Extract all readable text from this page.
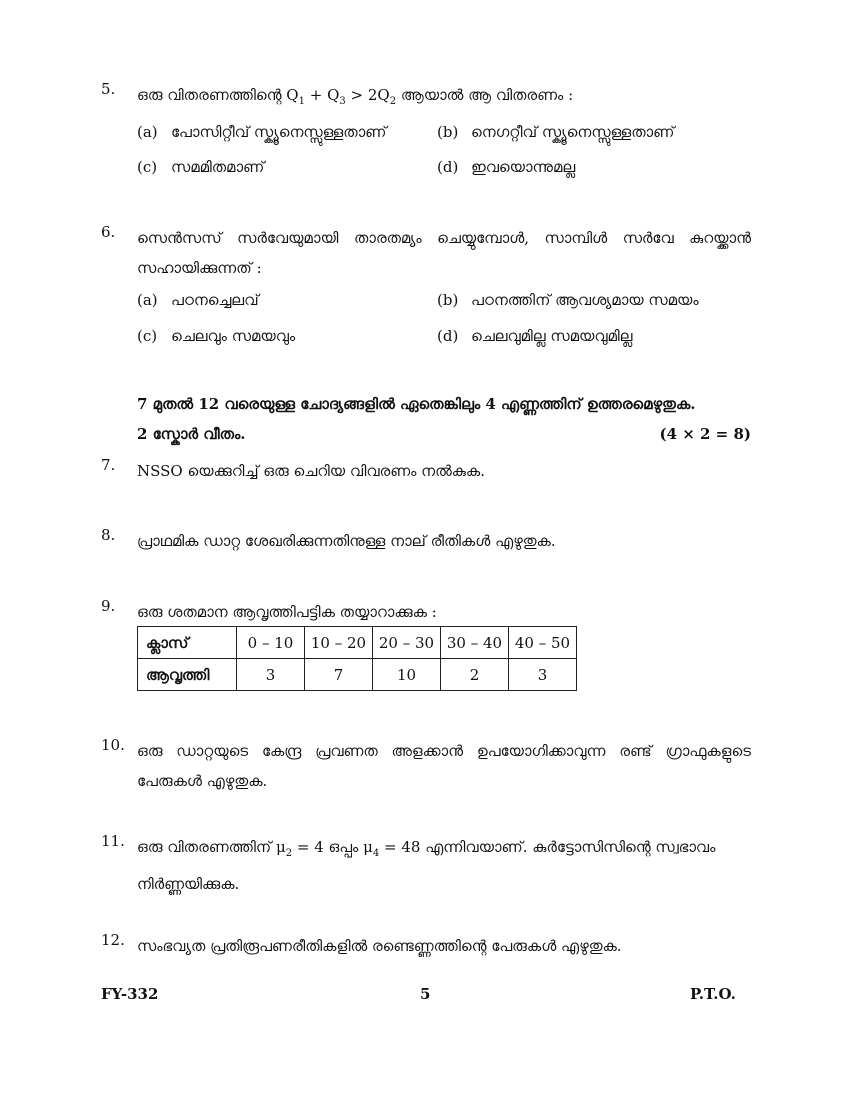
5. ഒരു വിതരണത്തിന്റെ $Q_1 + Q_3 > 2Q_2$ ആയാൽ ആ വിതരണം :
(a) പോസിറ്റീവ് സ്ക്യൂനെസ്സുള്ളതാണ്	(b) നെഗറ്റീവ് സ്ക്യൂനെസ്സുള്ളതാണ്
(c) സമമിതമാണ്	(d) ഇവയൊന്നുമല്ല
6. സെൻസസ് സർവേയുമായി താരതമ്യം ചെയ്യുമ്പോൾ, സാമ്പിൾ സർവേ കുറയ്ക്കാൻ സഹായിക്കുന്നത് :
(a) പഠനച്ചെലവ്	(b) പഠനത്തിന് ആവശ്യമായ സമയം
(c) ചെലവും സമയവും	(d) ചെലവുമില്ല സമയവുമില്ല
7 മുതൽ 12 വരെയുള്ള ചോദ്യങ്ങളിൽ ഏതെങ്കിലും 4 എണ്ണത്തിന് ഉത്തരമെഴുതുക.
2 സ്കോർ വീതം.	(4 × 2 = 8)
7. NSSO യെക്കുറിച്ച് ഒരു ചെറിയ വിവരണം നൽകുക.
8. പ്രാഥമിക ഡാറ്റ ശേഖരിക്കുന്നതിനുള്ള നാല് രീതികൾ എഴുതുക.
9. ഒരു ശതമാന ആവൃത്തിപട്ടിക തയ്യാറാക്കുക :
ക്ലാസ്	0 – 10	10 – 20	20 – 30	30 – 40	40 – 50
ആവൃത്തി	3	7	10	2	3
10. ഒരു ഡാറ്റയുടെ കേന്ദ്ര പ്രവണത അളക്കാൻ ഉപയോഗിക്കാവുന്ന രണ്ട് ഗ്രാഫുകളുടെ പേരുകൾ എഴുതുക.
11. ഒരു വിതരണത്തിന് $\mu_2 = 4$ ഒപ്പം $\mu_4 = 48$ എന്നിവയാണ്. കുർട്ടോസിസിന്റെ സ്വഭാവം നിർണ്ണയിക്കുക.
12. സംഭവ്യത പ്രതിരൂപണരീതികളിൽ രണ്ടെണ്ണത്തിന്റെ പേരുകൾ എഴുതുക.
FY-332	5	P.T.O.
